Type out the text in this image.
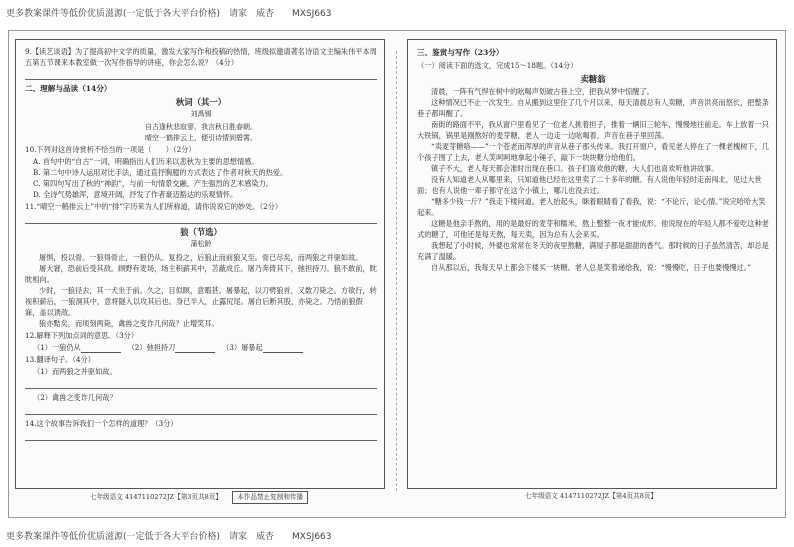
更多教案课件等低价优质滋源(一定低于各大平台价格)　请家　威杏　　MXSJ663
9.【读艺谈语】为了提高初中文学的质量，激发大家写作和投稿的热情，班级拟邀请著名诗语文主编朱伟平本周五第五节课来本教室做一次写作指导的讲座，你会怎么说？（4分）
二、理解与品读（14分）
秋词（其一）
刘禹锡
自古逢秋悲寂寥，我言秋日胜春朝。
晴空一鹤排云上，便引诗情到碧霄。
10.下列对这首诗赏析不恰当的一项是（　　）（2分）
A. 首句中的“自古”一词，明确指出人们历来以悲秋为主要的思想情感。
B. 第二句中诗人运用对比手法，通过直抒胸臆的方式表达了作者对秋天的热爱。
C. 第四句写出了秋的“神韵”，与前一句情景交融，产生强烈的艺术感染力。
D. 全诗气势雄浑，意境开阔，抒发了作者豪迈豁达的乐观情怀。
11.“晴空一鹤排云上”中的“排”字历来为人们所称道，请你说说它的妙处。（2分）
狼（节选）
蒲松龄

屠惧，投以骨。一狼得骨止，一狼仍从。复投之，后狼止而前狼又至。骨已尽矣，而两狼之并驱如故。

屠大窘，恐前后受其敌。顾野有麦场，场主积薪其中，苫蔽成丘。屠乃奔倚其下，弛担持刀。狼不敢前，眈眈相向。

少时，一狼径去，其一犬坐于前。久之，目似瞑，意暇甚。屠暴起，以刀劈狼首，又数刀毙之。方欲行，转视积薪后，一狼洞其中，意将隧入以攻其后也。身已半入，止露尻尾。屠自后断其股，亦毙之。乃悟前狼假寐，盖以诱敌。

狼亦黠矣，而顷刻两毙，禽兽之变诈几何哉？止增笑耳。

12.解释下列加点词的意思。（3分）
（1）一狼仍从	（2）弛担持刀	（3）屠暴起
13.翻译句子。（4分）
（1）而两狼之并驱如故。
（2）禽兽之变诈几何哉？
14.这个故事告诉我们一个怎样的道理？（3分）
七年级语文 4147110272JZ【第3页共8页】 本作品禁止复制和传播
三、鉴赏与写作（23分）
（一）阅读下面的选文，完成15～18题。（14分）
卖糖翁

清晨，一阵有气悍在树中的吆喝声划破古巷上空，把我从梦中惊醒了。

这种情况已不止一次发生。自从搬到这里住了几个月以来，每天清晨总有人卖糖，声音洪亮而悠长，把整条巷子都叫醒了。

南街的路面不平，我从窗户里看见了一位老人挑着担子，推着一辆旧三轮车，慢慢地往前走。车上放着一只大铁锅，锅里是刚熬好的麦芽糖，老人一边走一边吆喝着，声音在巷子里回荡。

“卖麦芽糖咯——”一个苍老而浑厚的声音从巷子那头传来。我打开窗户，看见老人停在了一棵老槐树下，几个孩子围了上去，老人笑呵呵地拿起小锤子，敲下一块块糖分给他们。

镇子不大，老人每天都会准时出现在巷口。孩子们喜欢他的糖，大人们也喜欢听他讲故事。

没有人知道老人从哪里来，只知道他已经在这里卖了二十多年的糖。有人说他年轻时走南闯北，见过大世面；也有人说他一辈子都守在这个小镇上，哪儿也没去过。

“糖多少钱一斤？”我走下楼问道。老人抬起头，眯着眼睛看了看我，说：“不论斤，论心情。”说完哈哈大笑起来。

这糖是他亲手熬的，用的是最好的麦芽和糯米，熬上整整一夜才能成形。他说现在的年轻人都不爱吃这种老式的糖了，可他还是每天熬，每天卖，因为总有人会来买。

我想起了小时候，外婆也常常在冬天的夜里熬糖，满屋子都是甜甜的香气。那时候的日子虽然清苦，却总是充满了温暖。

自从那以后，我每天早上都会下楼买一块糖。老人总是笑着递给我，说：“慢慢吃，日子也要慢慢过。”

七年级语文 4147110272JZ【第4页共8页】
更多教案课件等低价优质滋源(一定低于各大平台价格)　请家　威杏　　MXSJ663
